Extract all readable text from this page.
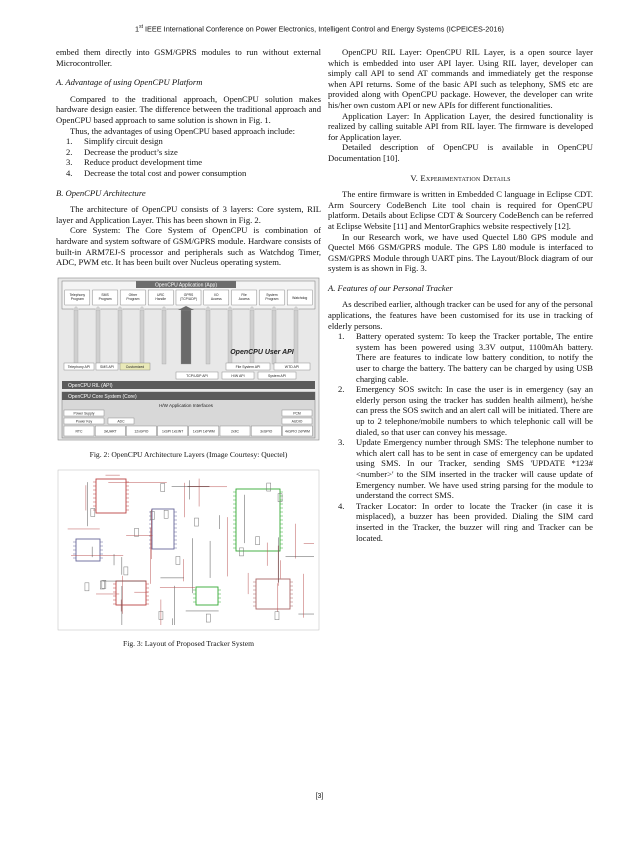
1st IEEE International Conference on Power Electronics, Intelligent Control and Energy Systems (ICPEICES-2016)

embed them directly into GSM/GPRS modules to run without external Microcontroller.

A. Advantage of using OpenCPU Platform

Compared to the traditional approach, OpenCPU solution makes hardware design easier. The difference between the traditional approach and OpenCPU based approach to same solution is shown in Fig. 1.

Thus, the advantages of using OpenCPU based approach include:

1. Simplify circuit design
2. Decrease the product’s size
3. Reduce product development time
4. Decrease the total cost and power consumption
B. OpenCPU Architecture

The architecture of OpenCPU consists of 3 layers: Core system, RIL layer and Application Layer. This has been shown in Fig. 2.

Core System: The Core System of OpenCPU is combination of hardware and system software of GSM/GPRS module. Hardware consists of built-in ARM7EJ-S processor and peripherals such as Watchdog Timer, ADC, PWM etc. It has been built over Nucleus operating system.

OpenCPU Application (App)
Telephony Program
SMS Program
Other Program
URC Handle
GPRS (TCP/UDP)
I/O Access
File Access
System Program	Watchdog
OpenCPU User API
Telephony API	SMS API	Customized	File System API	WTD API
TCP/UDP API	H/W API	System API
OpenCPU RIL (API)
OpenCPU Core System (Core)
H/W Application Interfaces
Power Supply
Power Key	ADC
PCM
AUDIO
RTC	3xUART	12xGPIO	1xSPI 1xEINT	1xSPI 1xPWM	2xIIC	3xGPIO	4xGPIO 2xPWM
Fig. 2: OpenCPU Architecture Layers (Image Courtesy: Quectel)
Fig. 3: Layout of Proposed Tracker System

OpenCPU RIL Layer: OpenCPU RIL Layer, is a open source layer which is embedded into user API layer. Using RIL layer, developer can simply call API to send AT commands and immediately get the response when API returns. Some of the basic API such as telephony, SMS etc are provided along with OpenCPU package. However, the developer can write his/her own custom API or new APIs for different functionalities.

Application Layer: In Application Layer, the desired functionality is realized by calling suitable API from RIL layer. The firmware is developed for Application layer.

Detailed description of OpenCPU is available in OpenCPU Documentation [10].

V. Experimentation Details

The entire firmware is written in Embedded C language in Eclipse CDT. Arm Sourcery CodeBench Lite tool chain is required for OpenCPU platform. Details about Eclipse CDT & Sourcery CodeBench can be referred at Eclipse Website [11] and MentorGraphics website respectively [12].

In our Research work, we have used Quectel L80 GPS module and Quectel M66 GSM/GPRS module. The GPS L80 module is interfaced to GSM/GPRS Module through UART pins. The Layout/Block diagram of our system is as shown in Fig. 3.

A. Features of our Personal Tracker

As described earlier, although tracker can be used for any of the personal applications, the features have been customised for its use in tracking of elderly persons.

1. Battery operated system: To keep the Tracker portable, The entire system has been powered using 3.3V output, 1100mAh battery. There are features to indicate low battery condition, to notify the user to charge the battery. The battery can be charged by using USB charging cable.
2. Emergency SOS switch: In case the user is in emergency (say an elderly person using the tracker has sudden health ailment), he/she can press the SOS switch and an alert call will be initiated. There are up to 2 telephone/mobile numbers to which telephonic call will be dialed, so that user can convey his message.
3. Update Emergency number through SMS: The telephone number to which alert call has to be sent in case of emergency can be updated using SMS. In our Tracker, sending SMS 'UPDATE *123# <number>' to the SIM inserted in the tracker will cause update of Emergency number. We have used string parsing for the module to understand the correct SMS.
4. Tracker Locator: In order to locate the Tracker (in case it is misplaced), a buzzer has been provided. Dialing the SIM card inserted in the Tracker, the buzzer will ring and Tracker can be located.
[3]
